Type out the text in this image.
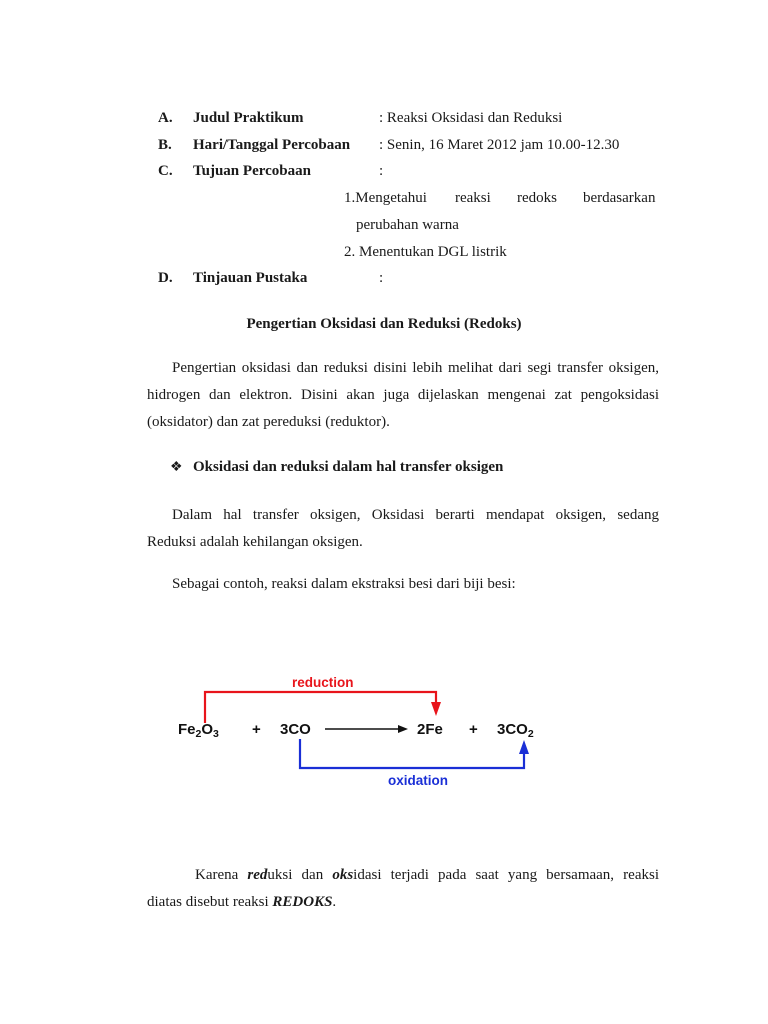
A. Judul Praktikum	: Reaksi Oksidasi dan Reduksi
B. Hari/Tanggal Percobaan : Senin, 16 Maret 2012 jam 10.00-12.30
C. Tujuan Percobaan	:
1.Mengetahui reaksi redoks berdasarkan
perubahan warna
2. Menentukan DGL listrik
D. Tinjauan Pustaka	:
Pengertian Oksidasi dan Reduksi (Redoks)
Pengertian oksidasi dan reduksi disini lebih melihat dari segi transfer oksigen,
hidrogen dan elektron. Disini akan juga dijelaskan mengenai zat pengoksidasi
(oksidator) dan zat pereduksi (reduktor).
❖ Oksidasi dan reduksi dalam hal transfer oksigen
Dalam hal transfer oksigen, Oksidasi berarti mendapat oksigen, sedang
Reduksi adalah kehilangan oksigen.
Sebagai contoh, reaksi dalam ekstraksi besi dari biji besi:
reduction
oxidation
$Fe_2O_3 + 3CO$	$2Fe + 3CO_2$
Karena reduksi dan oksidasi terjadi pada saat yang bersamaan, reaksi
diatas disebut reaksi REDOKS.
